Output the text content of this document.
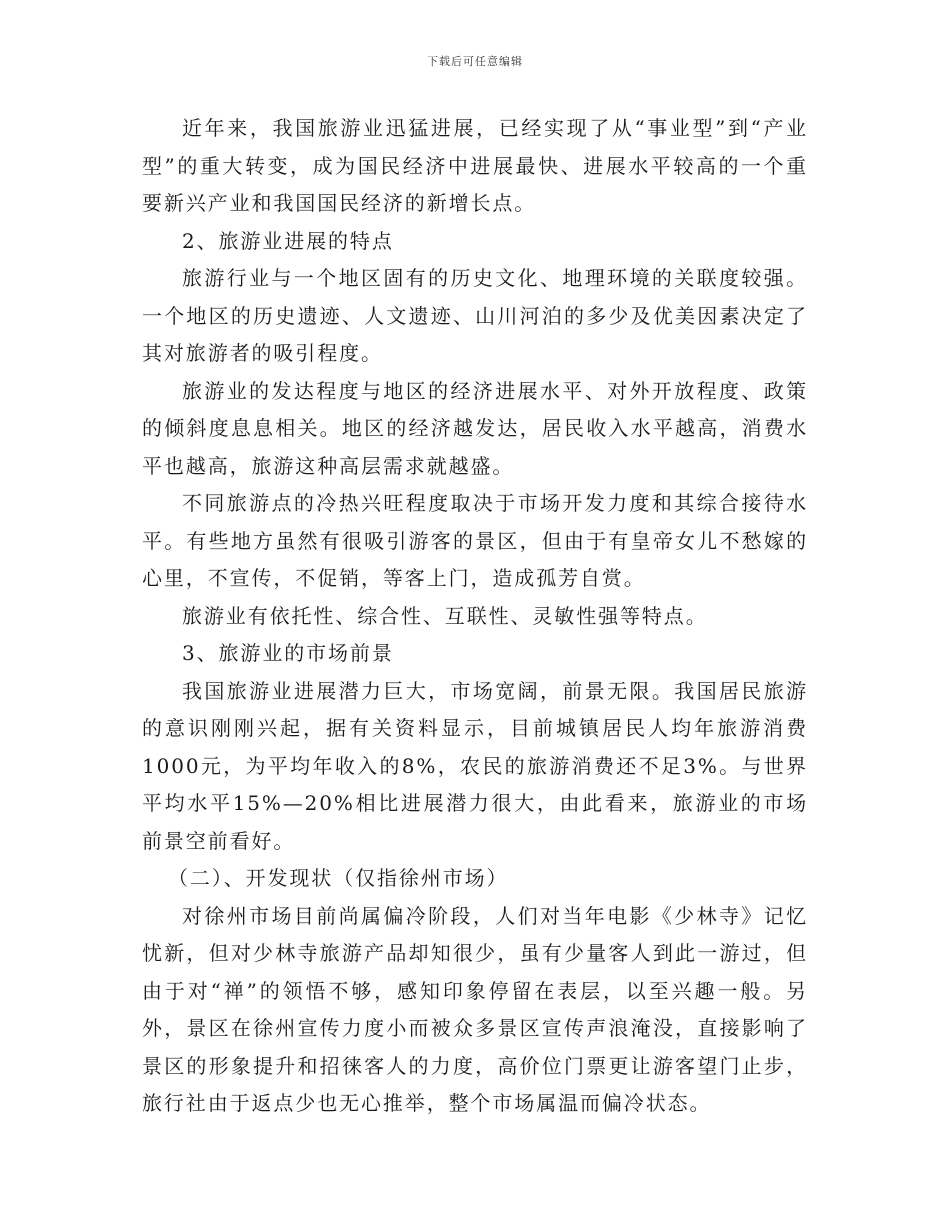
下载后可任意编辑

近年来，我国旅游业迅猛进展，已经实现了从“事业型”到“产业型”的重大转变，成为国民经济中进展最快、进展水平较高的一个重要新兴产业和我国国民经济的新增长点。

2、旅游业进展的特点

旅游行业与一个地区固有的历史文化、地理环境的关联度较强。一个地区的历史遗迹、人文遗迹、山川河泊的多少及优美因素决定了其对旅游者的吸引程度。

旅游业的发达程度与地区的经济进展水平、对外开放程度、政策的倾斜度息息相关。地区的经济越发达，居民收入水平越高，消费水平也越高，旅游这种高层需求就越盛。

不同旅游点的冷热兴旺程度取决于市场开发力度和其综合接待水平。有些地方虽然有很吸引游客的景区，但由于有皇帝女儿不愁嫁的心里，不宣传，不促销，等客上门，造成孤芳自赏。

旅游业有依托性、综合性、互联性、灵敏性强等特点。

3、旅游业的市场前景

我国旅游业进展潜力巨大，市场宽阔，前景无限。我国居民旅游的意识刚刚兴起，据有关资料显示，目前城镇居民人均年旅游消费1000元，为平均年收入的8%，农民的旅游消费还不足3%。与世界平均水平15%—20%相比进展潜力很大，由此看来，旅游业的市场前景空前看好。

（二）、开发现状（仅指徐州市场）

对徐州市场目前尚属偏冷阶段，人们对当年电影《少林寺》记忆忧新，但对少林寺旅游产品却知很少，虽有少量客人到此一游过，但由于对“禅”的领悟不够，感知印象停留在表层，以至兴趣一般。另外，景区在徐州宣传力度小而被众多景区宣传声浪淹没，直接影响了景区的形象提升和招徕客人的力度，高价位门票更让游客望门止步，旅行社由于返点少也无心推举，整个市场属温而偏冷状态。
